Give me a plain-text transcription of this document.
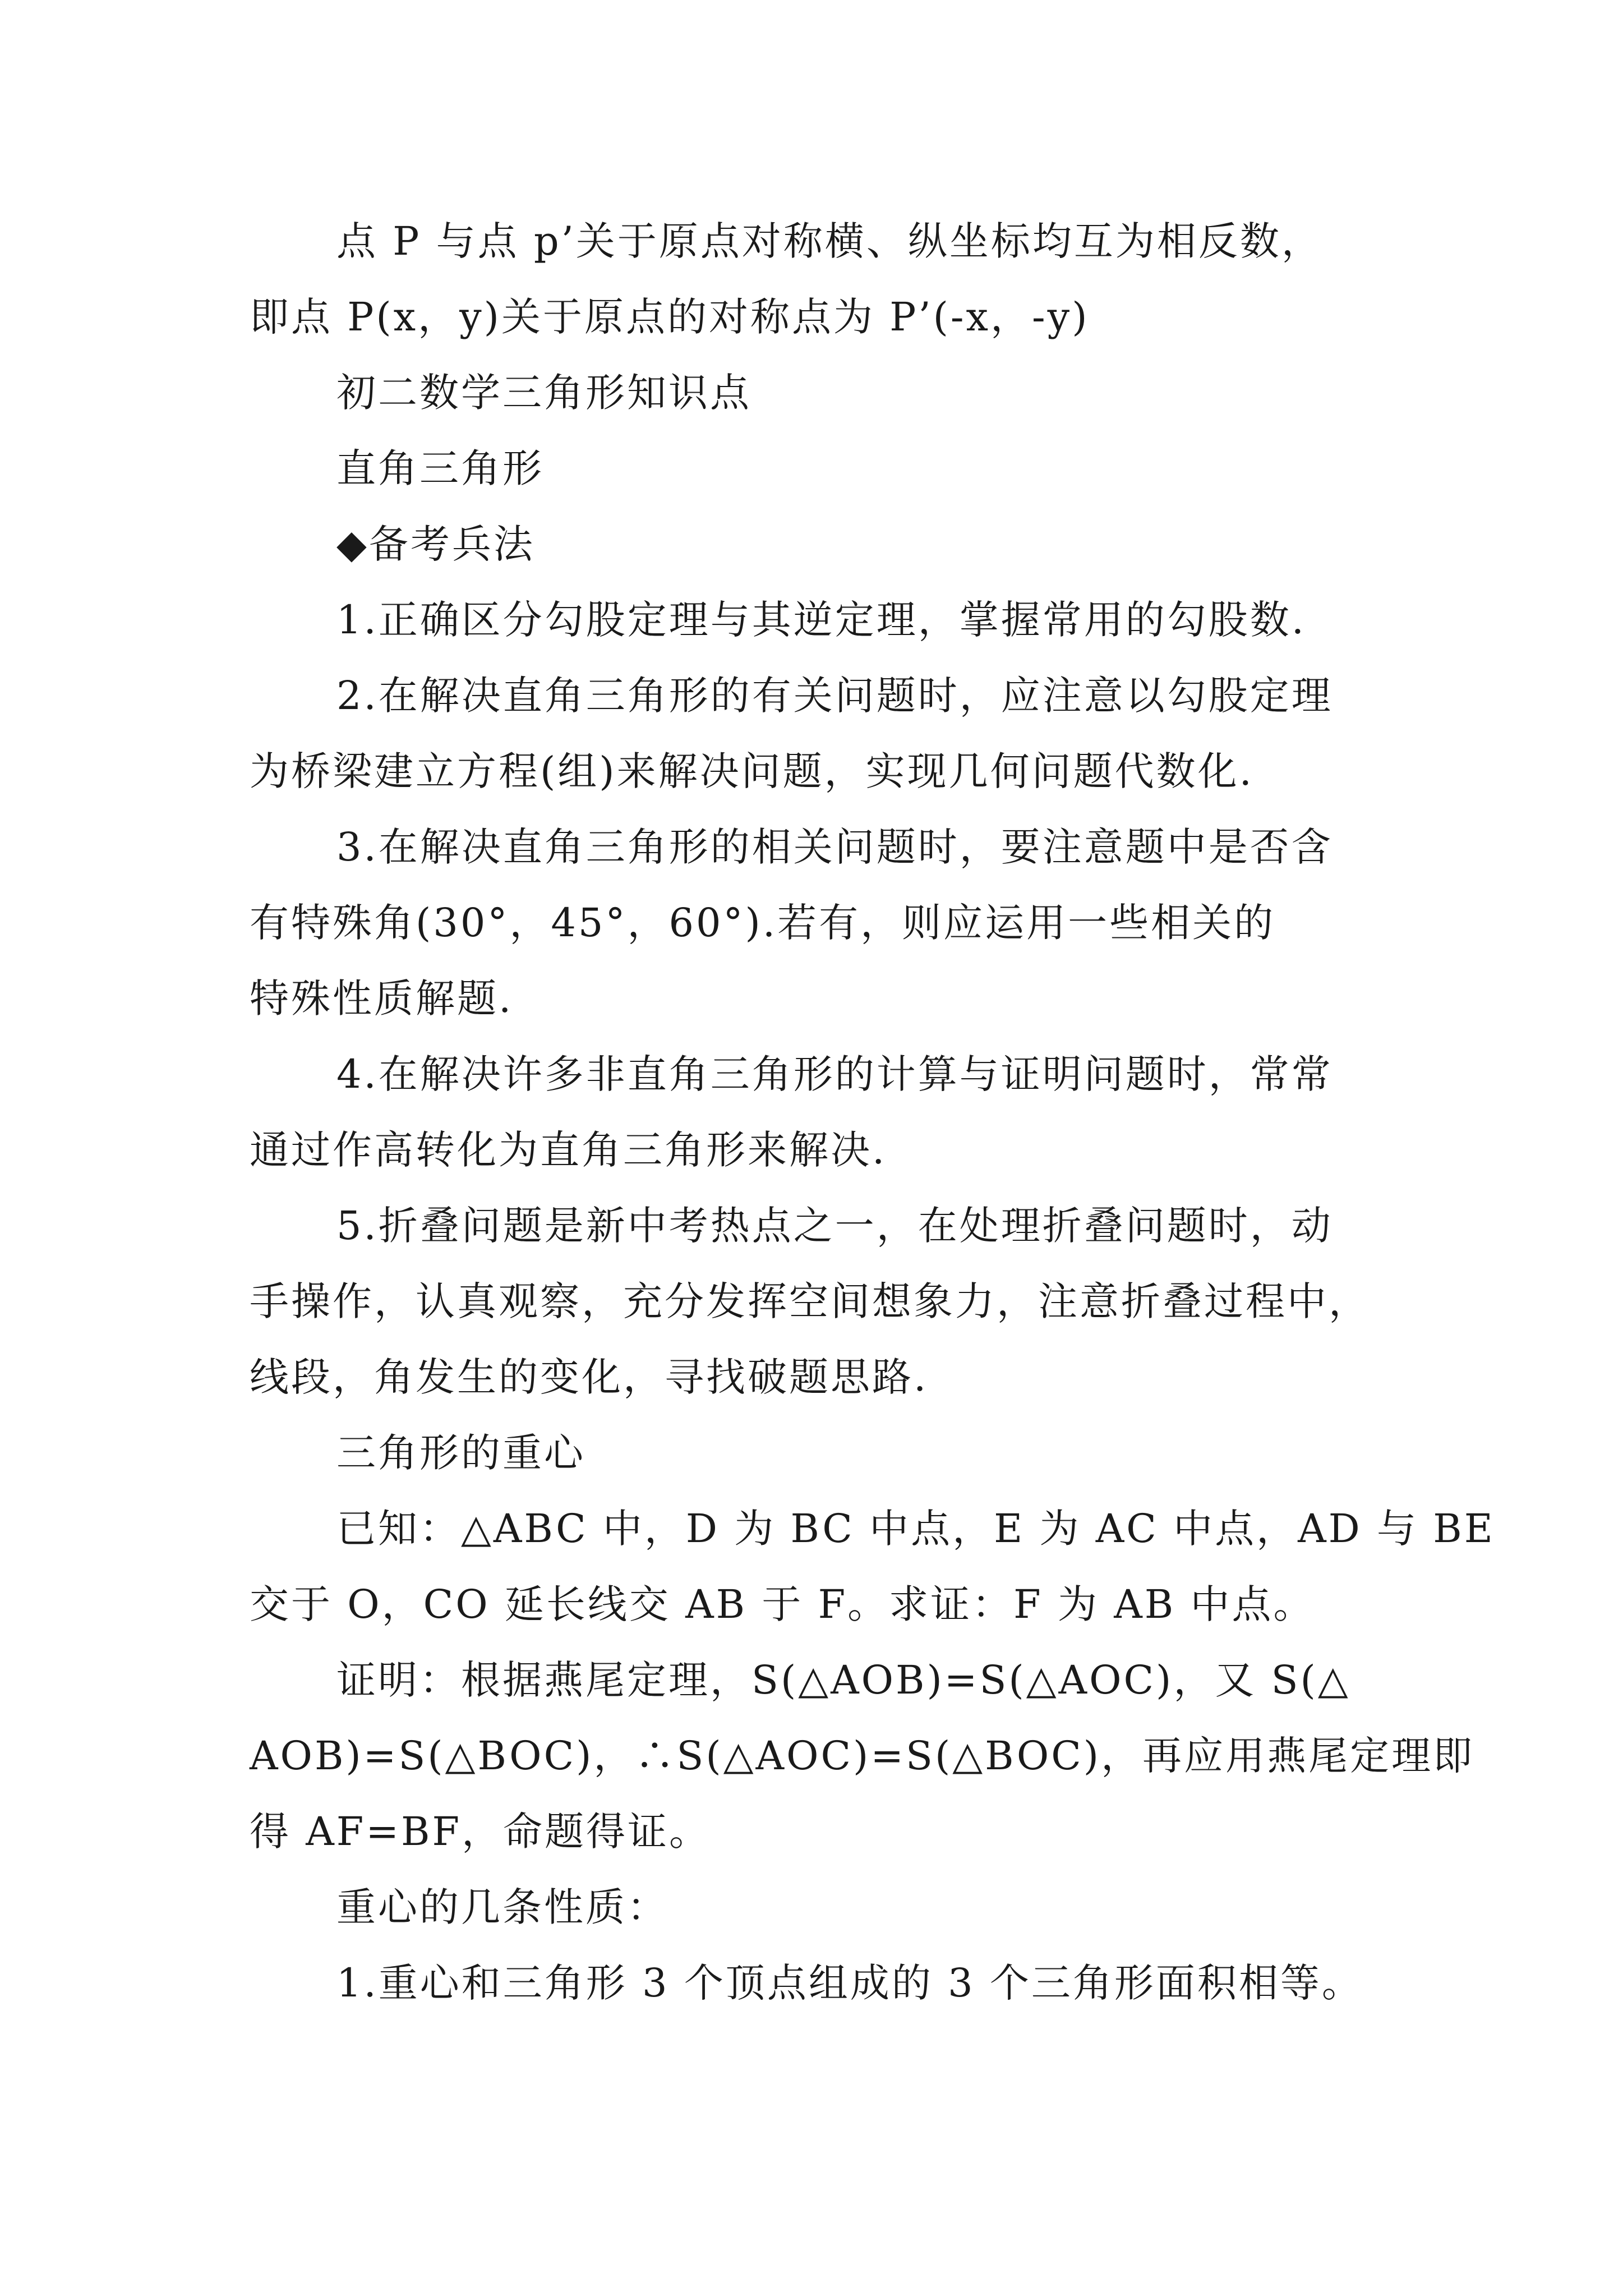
点 P 与点 p’关于原点对称横、纵坐标均互为相反数，

即点 P(x，y)关于原点的对称点为 P’(-x，-y)

初二数学三角形知识点

直角三角形

◆备考兵法

1.正确区分勾股定理与其逆定理，掌握常用的勾股数.

2.在解决直角三角形的有关问题时，应注意以勾股定理

为桥梁建立方程(组)来解决问题，实现几何问题代数化.

3.在解决直角三角形的相关问题时，要注意题中是否含

有特殊角(30°，45°，60°).若有，则应运用一些相关的

特殊性质解题.

4.在解决许多非直角三角形的计算与证明问题时，常常

通过作高转化为直角三角形来解决.

5.折叠问题是新中考热点之一，在处理折叠问题时，动

手操作，认真观察，充分发挥空间想象力，注意折叠过程中，

线段，角发生的变化，寻找破题思路.

三角形的重心

已知：△ABC 中，D 为 BC 中点，E 为 AC 中点，AD 与 BE

交于 O，CO 延长线交 AB 于 F。求证：F 为 AB 中点。

证明：根据燕尾定理，S(△AOB)=S(△AOC)，又 S(△

AOB)=S(△BOC)，∴S(△AOC)=S(△BOC)，再应用燕尾定理即

得 AF=BF，命题得证。

重心的几条性质：

1.重心和三角形 3 个顶点组成的 3 个三角形面积相等。
